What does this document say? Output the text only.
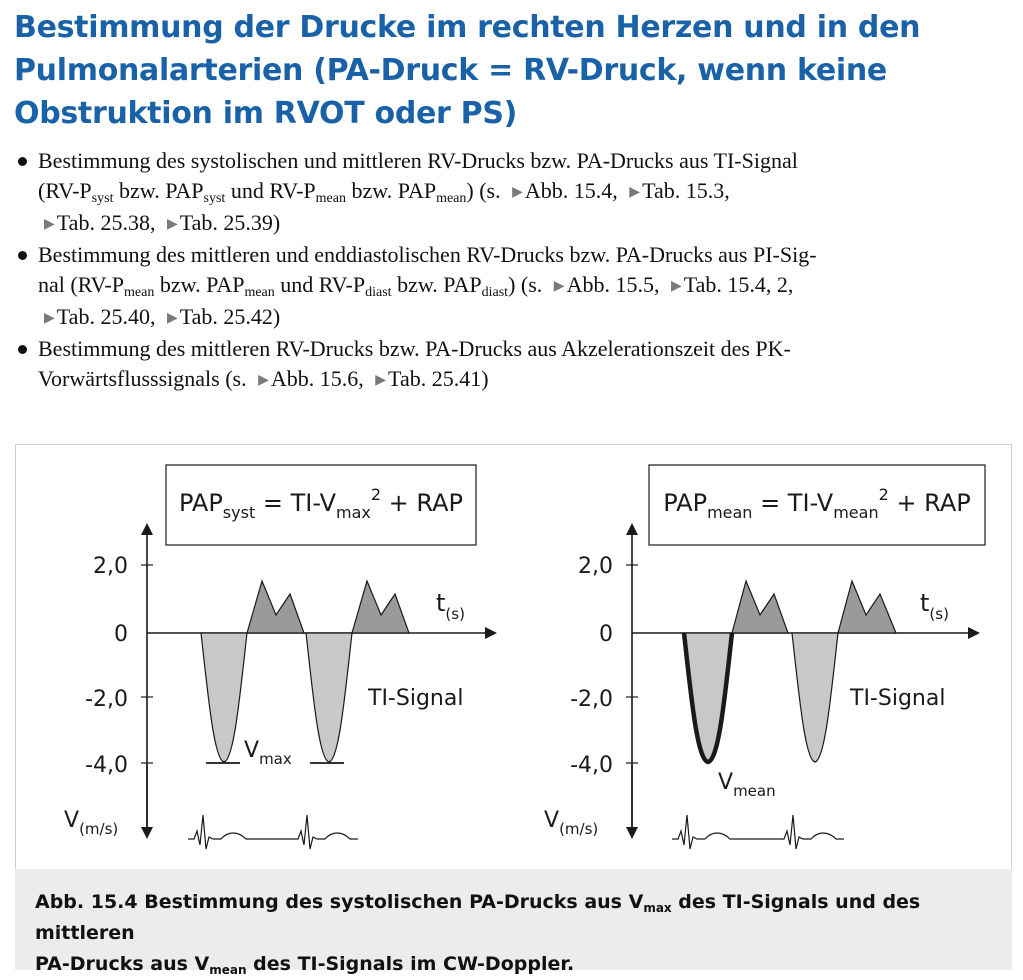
Bestimmung der Drucke im rechten Herzen und in den Pulmonalarterien (PA-Druck = RV-Druck, wenn keine Obstruktion im RVOT oder PS)
Bestimmung des systolischen und mittleren RV-Drucks bzw. PA-Drucks aus TI-Signal
($RV-P_{syst}$ bzw. $PAP_{syst}$ und $RV-P_{mean}$ bzw. $PAP_{mean}$) (s. ▶Abb. 15.4, ▶Tab. 15.3,
▶Tab. 25.38, ▶Tab. 25.39)
Bestimmung des mittleren und enddiastolischen RV-Drucks bzw. PA-Drucks aus PI-Sig-
nal ($RV-P_{mean}$ bzw. $PAP_{mean}$ und $RV-P_{diast}$ bzw. $PAP_{diast}$) (s. ▶Abb. 15.5, ▶Tab. 15.4, 2,
▶Tab. 25.40, ▶Tab. 25.42)
Bestimmung des mittleren RV-Drucks bzw. PA-Drucks aus Akzelerationszeit des PK-
Vorwärtsflusssignals (s. ▶Abb. 15.6, ▶Tab. 25.41)
$PAP_{syst} = TI-V_{max}^2$ + RAP
2,0
0
-2,0
-4,0
$V_{(m/s)}$
$t_{(s)}$
$V_{max}$
TI-Signal
$PAP_{mean} = TI-V_{mean}^2$ + RAP
2,0
0
-2,0
-4,0
$V_{(m/s)}$
$t_{(s)}$
$V_{mean}$
TI-Signal
Abb. 15.4 Bestimmung des systolischen PA-Drucks aus $V_{max}$ des TI-Signals und des mittleren
PA-Drucks aus $V_{mean}$ des TI-Signals im CW-Doppler.
